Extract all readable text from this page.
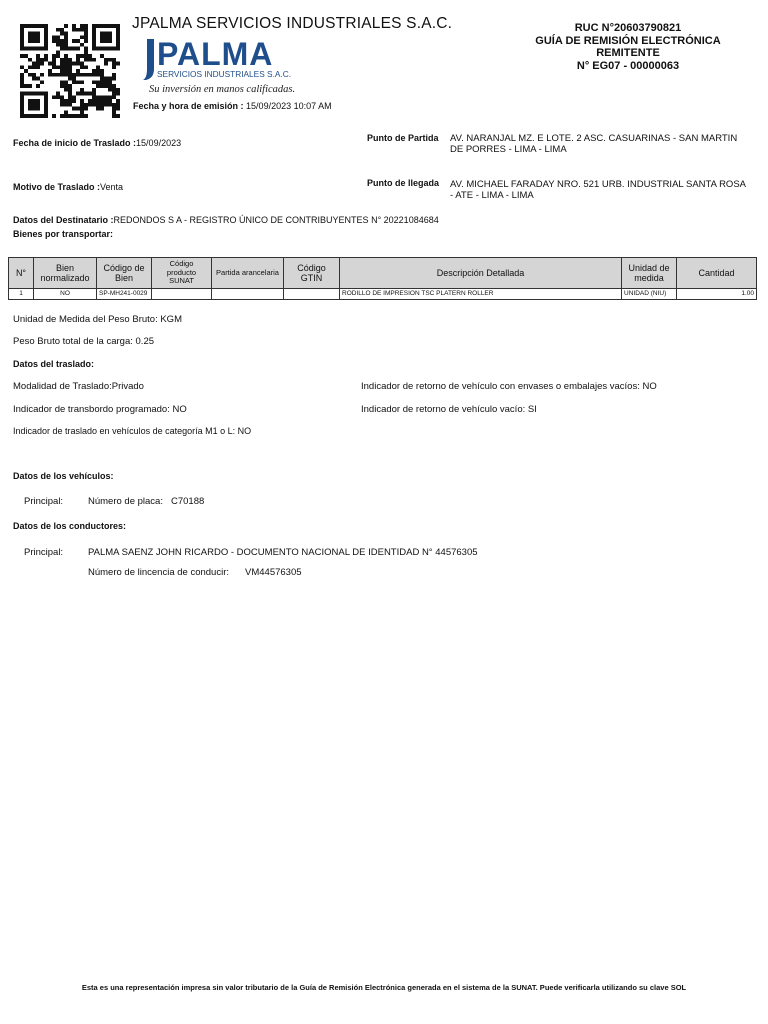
JPALMA SERVICIOS INDUSTRIALES S.A.C.
PALMA
SERVICIOS INDUSTRIALES S.A.C.
Su inversión en manos calificadas.
Fecha y hora de emisión : 15/09/2023 10:07 AM
RUC N°20603790821
GUÍA DE REMISIÓN ELECTRÓNICA
REMITENTE
N° EG07 - 00000063
Fecha de inicio de Traslado :15/09/2023	Punto de Partida AV. NARANJAL MZ. E LOTE. 2 ASC. CASUARINAS - SAN MARTIN DE PORRES - LIMA - LIMA
Motivo de Traslado :Venta	Punto de llegada AV. MICHAEL FARADAY NRO. 521 URB. INDUSTRIAL SANTA ROSA - ATE - LIMA - LIMA
Datos del Destinatario :REDONDOS S A - REGISTRO ÚNICO DE CONTRIBUYENTES N° 20221084684
Bienes por transportar:
N°	Bien normalizado	Código de Bien	Código producto SUNAT	Partida arancelaria	Código GTIN	Descripción Detallada	Unidad de medida	Cantidad
1	NO	SP-MH241-0029				RODILLO DE IMPRESION TSC PLATERN ROLLER	UNIDAD (NIU)	1.00
Unidad de Medida del Peso Bruto: KGM
Peso Bruto total de la carga: 0.25
Datos del traslado:
Modalidad de Traslado:Privado	Indicador de retorno de vehículo con envases o embalajes vacíos: NO
Indicador de transbordo programado: NO	Indicador de retorno de vehículo vacío: SI
Indicador de traslado en vehículos de categoría M1 o L: NO
Datos de los vehículos:
Principal:	Número de placa: C70188
Datos de los conductores:
Principal:	PALMA SAENZ JOHN RICARDO - DOCUMENTO NACIONAL DE IDENTIDAD N° 44576305
Número de lincencia de conducir: VM44576305
Esta es una representación impresa sin valor tributario de la Guía de Remisión Electrónica generada en el sistema de la SUNAT. Puede verificarla utilizando su clave SOL
